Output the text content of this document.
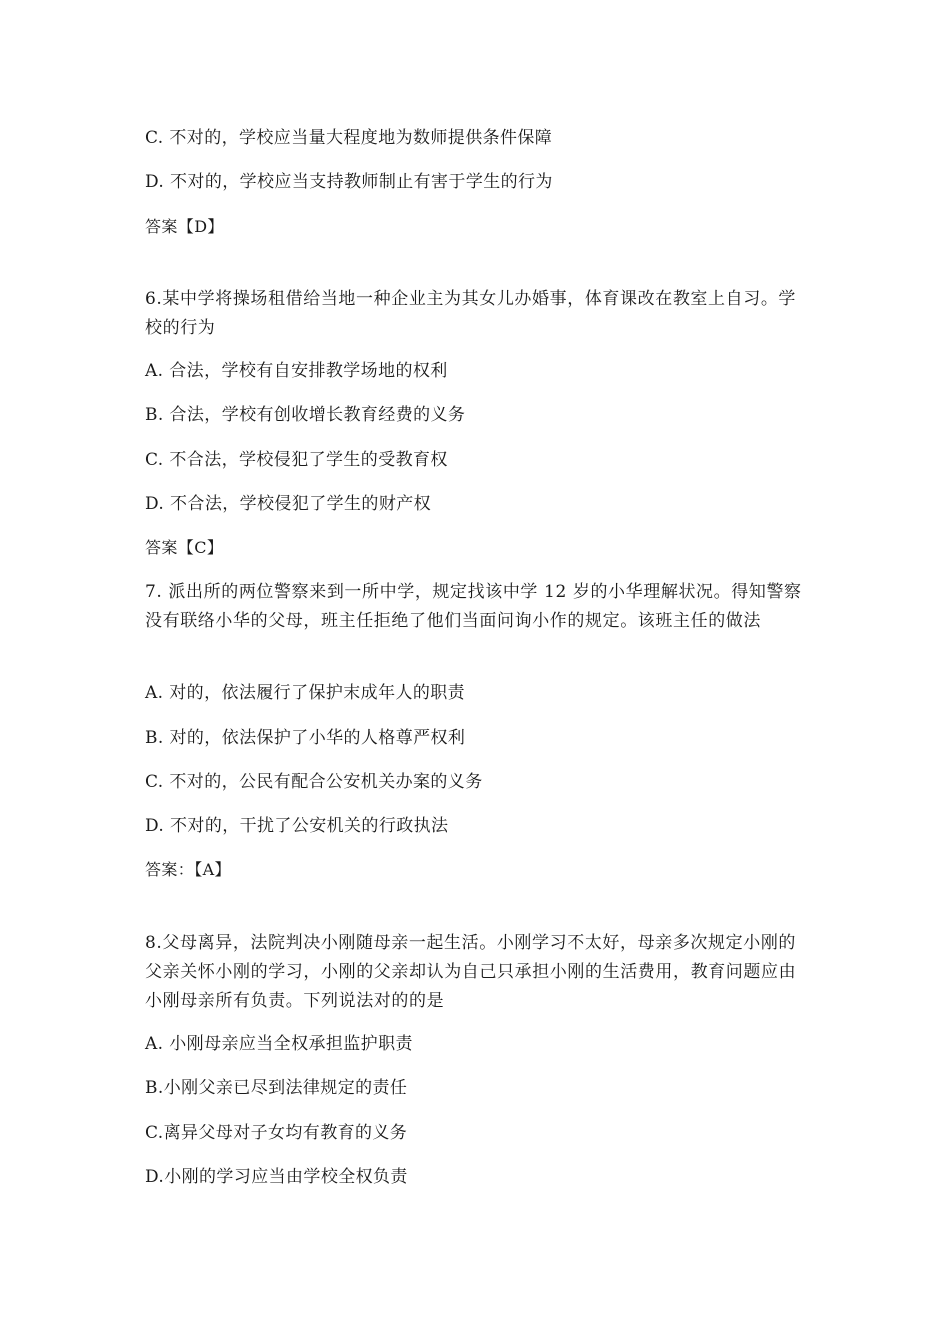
C. 不对的，学校应当量大程度地为数师提供条件保障
D. 不对的，学校应当支持教师制止有害于学生的行为
答案【D】
6.某中学将操场租借给当地一种企业主为其女儿办婚事，体育课改在教室上自习。学校的行为
A. 合法，学校有自安排教学场地的权利
B. 合法，学校有创收增长教育经费的义务
C. 不合法，学校侵犯了学生的受教育权
D. 不合法，学校侵犯了学生的财产权
答案【C】
7. 派出所的两位警察来到一所中学，规定找该中学 12 岁的小华理解状况。得知警察没有联络小华的父母，班主任拒绝了他们当面问询小作的规定。该班主任的做法
A. 对的，依法履行了保护末成年人的职责
B. 对的，依法保护了小华的人格尊严权利
C. 不对的，公民有配合公安机关办案的义务
D. 不对的，干扰了公安机关的行政执法
答案：【A】
8.父母离异，法院判决小刚随母亲一起生活。小刚学习不太好，母亲多次规定小刚的父亲关怀小刚的学习，小刚的父亲却认为自己只承担小刚的生活费用，教育问题应由小刚母亲所有负责。下列说法对的的是
A. 小刚母亲应当全权承担监护职责
B.小刚父亲已尽到法律规定的责任
C.离异父母对子女均有教育的义务
D.小刚的学习应当由学校全权负责
